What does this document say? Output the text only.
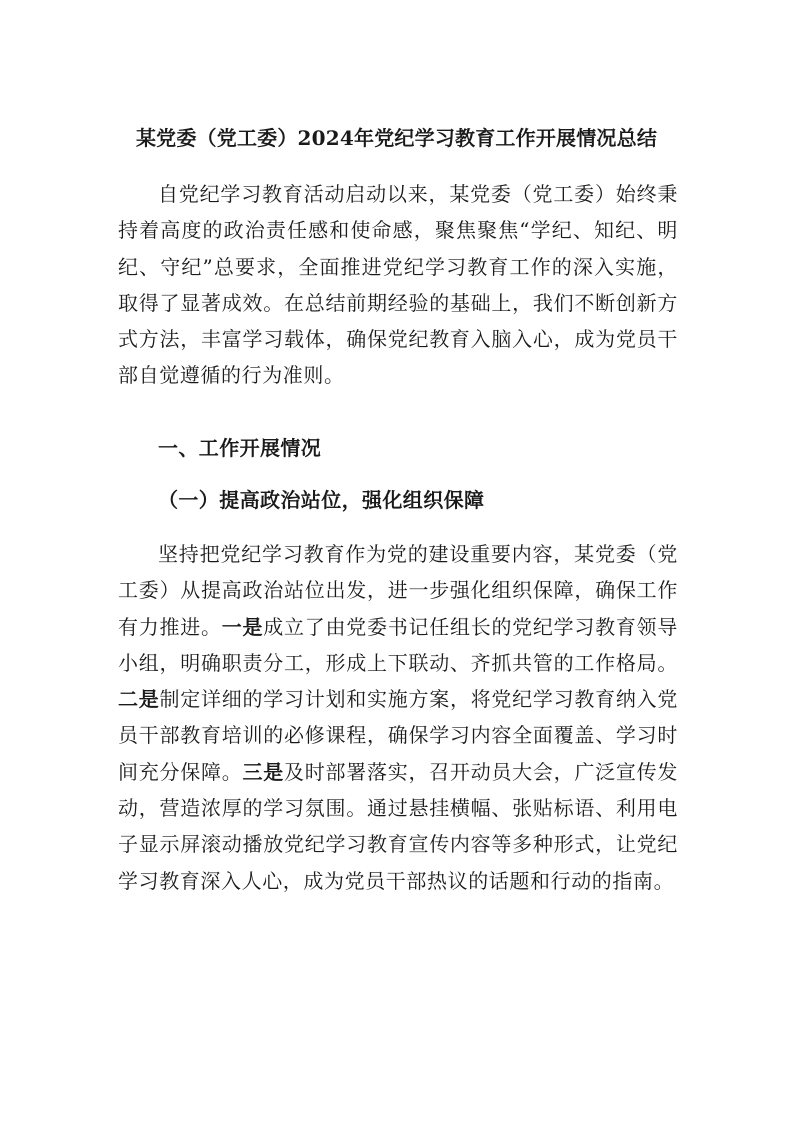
某党委（党工委）2024年党纪学习教育工作开展情况总结

自党纪学习教育活动启动以来，某党委（党工委）始终秉持着高度的政治责任感和使命感，聚焦聚焦“学纪、知纪、明纪、守纪”总要求，全面推进党纪学习教育工作的深入实施，取得了显著成效。在总结前期经验的基础上，我们不断创新方式方法，丰富学习载体，确保党纪教育入脑入心，成为党员干部自觉遵循的行为准则。

一、工作开展情况
（一）提高政治站位，强化组织保障

坚持把党纪学习教育作为党的建设重要内容，某党委（党工委）从提高政治站位出发，进一步强化组织保障，确保工作有力推进。一是成立了由党委书记任组长的党纪学习教育领导小组，明确职责分工，形成上下联动、齐抓共管的工作格局。二是制定详细的学习计划和实施方案，将党纪学习教育纳入党员干部教育培训的必修课程，确保学习内容全面覆盖、学习时间充分保障。三是及时部署落实，召开动员大会，广泛宣传发动，营造浓厚的学习氛围。通过悬挂横幅、张贴标语、利用电子显示屏滚动播放党纪学习教育宣传内容等多种形式，让党纪学习教育深入人心，成为党员干部热议的话题和行动的指南。
